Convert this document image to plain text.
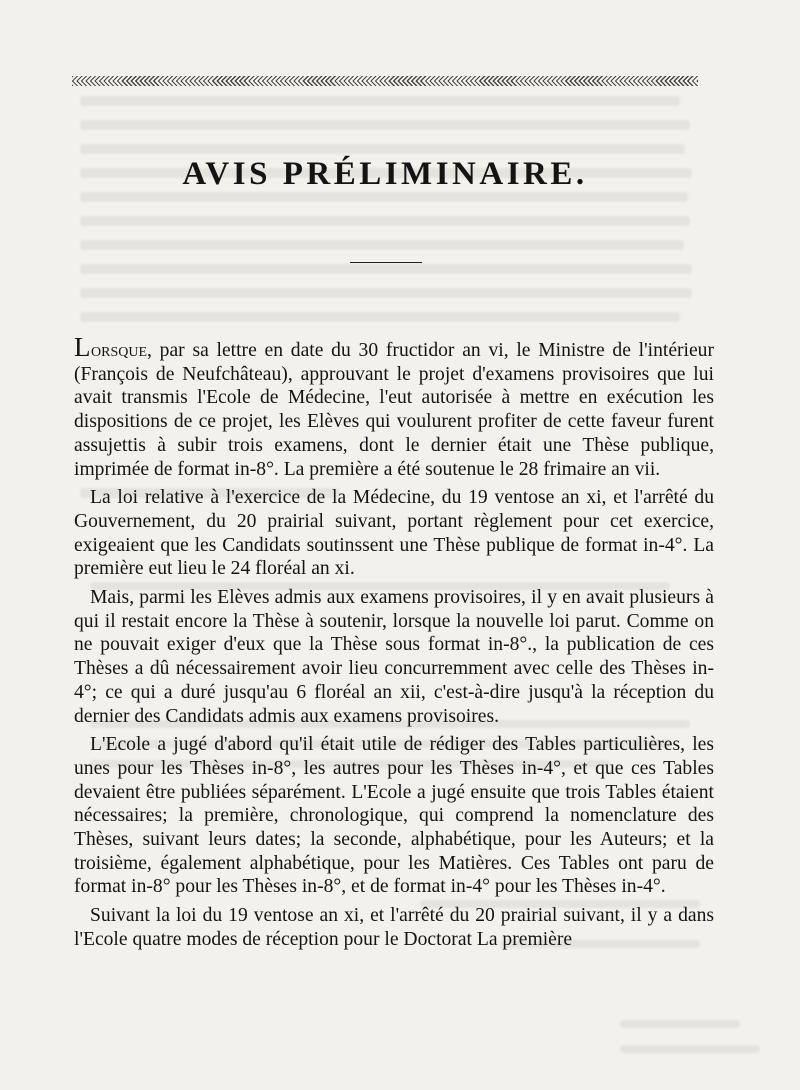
AVIS PRÉLIMINAIRE.

Lorsque, par sa lettre en date du 30 fructidor an vi, le Ministre de l'intérieur (François de Neufchâteau), approuvant le projet d'examens provisoires que lui avait transmis l'Ecole de Médecine, l'eut autorisée à mettre en exécution les dispositions de ce projet, les Elèves qui voulurent profiter de cette faveur furent assujettis à subir trois examens, dont le dernier était une Thèse publique, imprimée de format in-8°. La première a été soutenue le 28 frimaire an vii.

La loi relative à l'exercice de la Médecine, du 19 ventose an xi, et l'arrêté du Gouvernement, du 20 prairial suivant, portant règlement pour cet exercice, exigeaient que les Candidats soutinssent une Thèse publique de format in-4°. La première eut lieu le 24 floréal an xi.

Mais, parmi les Elèves admis aux examens provisoires, il y en avait plusieurs à qui il restait encore la Thèse à soutenir, lorsque la nouvelle loi parut. Comme on ne pouvait exiger d'eux que la Thèse sous format in-8°., la publication de ces Thèses a dû nécessairement avoir lieu concurremment avec celle des Thèses in-4°; ce qui a duré jusqu'au 6 floréal an xii, c'est-à-dire jusqu'à la réception du dernier des Candidats admis aux examens provisoires.

L'Ecole a jugé d'abord qu'il était utile de rédiger des Tables particulières, les unes pour les Thèses in-8°, les autres pour les Thèses in-4°, et que ces Tables devaient être publiées séparément. L'Ecole a jugé ensuite que trois Tables étaient nécessaires; la première, chronologique, qui comprend la nomenclature des Thèses, suivant leurs dates; la seconde, alphabétique, pour les Auteurs; et la troisième, également alphabétique, pour les Matières. Ces Tables ont paru de format in-8° pour les Thèses in-8°, et de format in-4° pour les Thèses in-4°.

Suivant la loi du 19 ventose an xi, et l'arrêté du 20 prairial suivant, il y a dans l'Ecole quatre modes de réception pour le Doctorat La première
